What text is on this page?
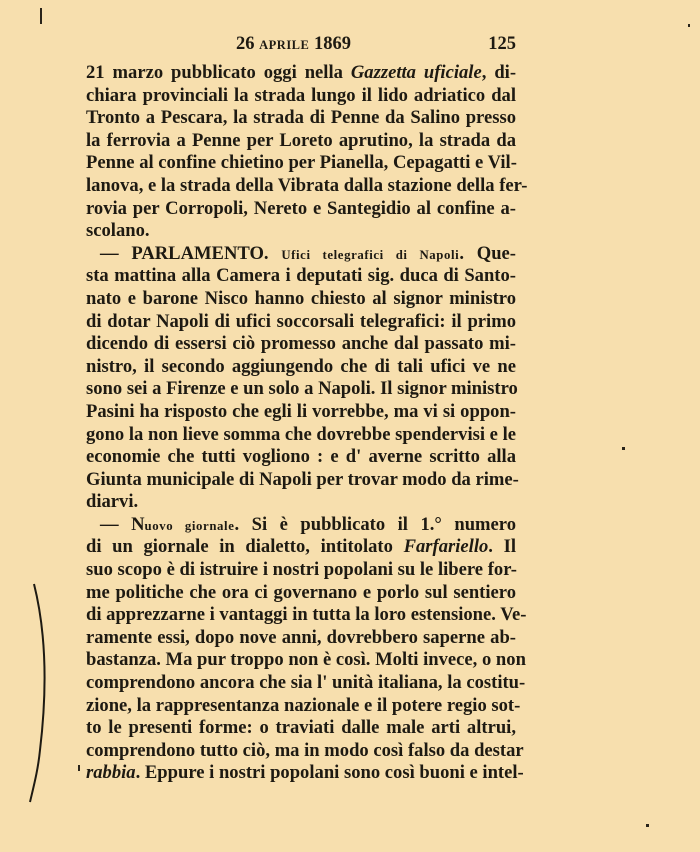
26 APRILE 1869	125
21 marzo pubblicato oggi nella Gazzetta uficiale, di-
chiara provinciali la strada lungo il lido adriatico dal
Tronto a Pescara, la strada di Penne da Salino presso
la ferrovia a Penne per Loreto aprutino, la strada da
Penne al confine chietino per Pianella, Cepagatti e Vil-
lanova, e la strada della Vibrata dalla stazione della fer-
rovia per Corropoli, Nereto e Santegidio al confine a-
scolano.
— PARLAMENTO. Ufici telegrafici di Napoli. Que-
sta mattina alla Camera i deputati sig. duca di Santo-
nato e barone Nisco hanno chiesto al signor ministro
di dotar Napoli di ufici soccorsali telegrafici: il primo
dicendo di essersi ciò promesso anche dal passato mi-
nistro, il secondo aggiungendo che di tali ufici ve ne
sono sei a Firenze e un solo a Napoli. Il signor ministro
Pasini ha risposto che egli li vorrebbe, ma vi si oppon-
gono la non lieve somma che dovrebbe spendervisi e le
economie che tutti vogliono : e d' averne scritto alla
Giunta municipale di Napoli per trovar modo da rime-
diarvi.
— Nuovo giornale. Si è pubblicato il 1.° numero
di un giornale in dialetto, intitolato Farfariello. Il
suo scopo è di istruire i nostri popolani su le libere for-
me politiche che ora ci governano e porlo sul sentiero
di apprezzarne i vantaggi in tutta la loro estensione. Ve-
ramente essi, dopo nove anni, dovrebbero saperne ab-
bastanza. Ma pur troppo non è così. Molti invece, o non
comprendono ancora che sia l' unità italiana, la costitu-
zione, la rappresentanza nazionale e il potere regio sot-
to le presenti forme: o traviati dalle male arti altrui,
comprendono tutto ciò, ma in modo così falso da destar
rabbia. Eppure i nostri popolani sono così buoni e intel-
